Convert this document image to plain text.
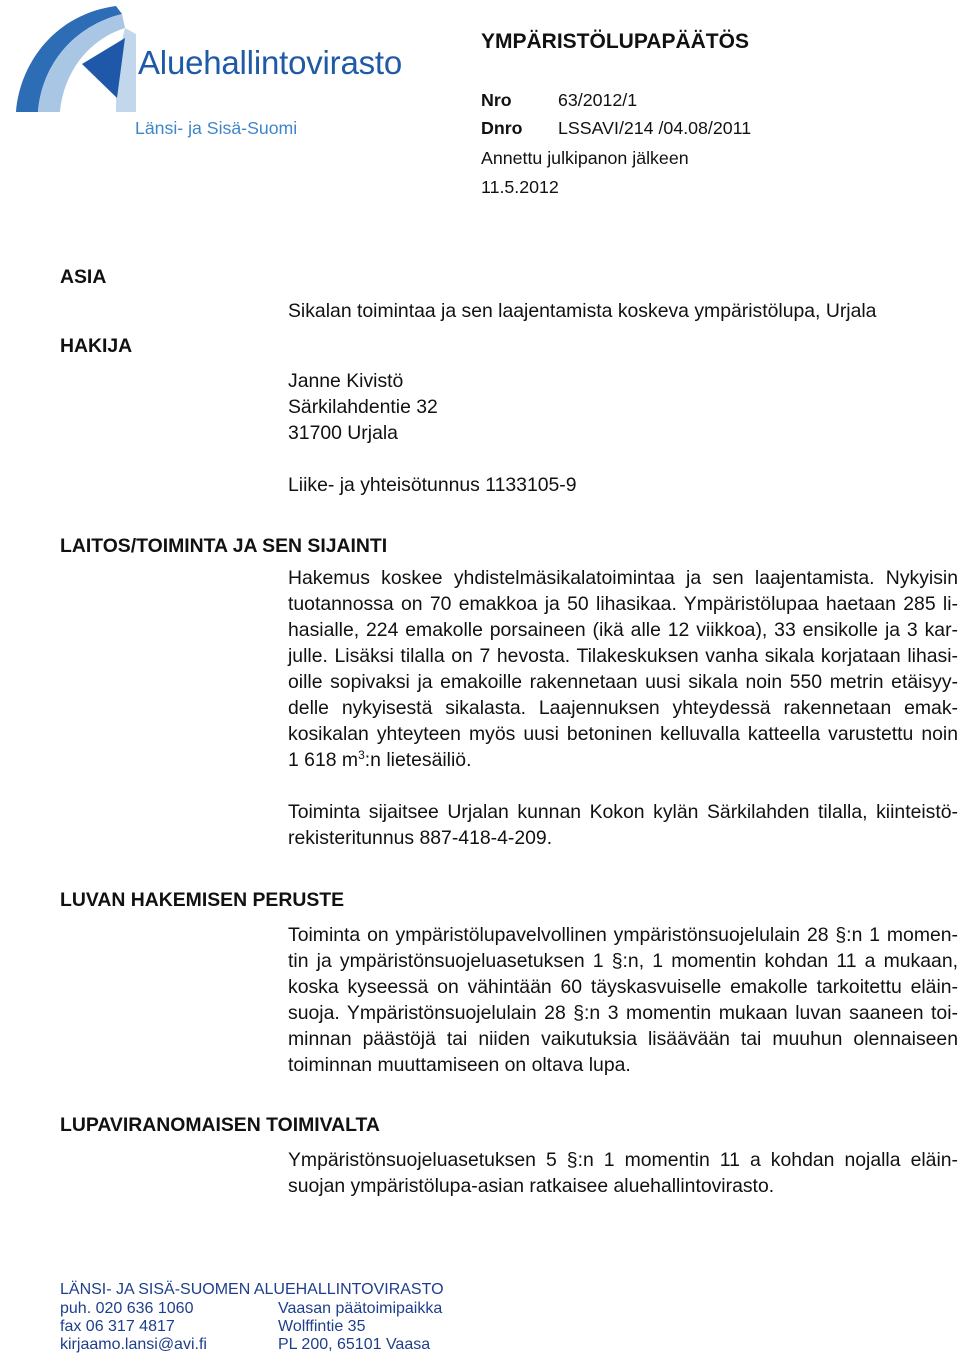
Aluehallintovirasto
Länsi- ja Sisä-Suomi
YMPÄRISTÖLUPAPÄÄTÖS
Nro	63/2012/1
Dnro LSSAVI/214 /04.08/2011
Annettu julkipanon jälkeen
11.5.2012
ASIA
Sikalan toimintaa ja sen laajentamista koskeva ympäristölupa, Urjala
HAKIJA
Janne Kivistö
Särkilahdentie 32
31700 Urjala
Liike- ja yhteisötunnus 1133105-9
LAITOS/TOIMINTA JA SEN SIJAINTI
Hakemus koskee yhdistelmäsikalatoimintaa ja sen laajentamista. Nykyisin
tuotannossa on 70 emakkoa ja 50 lihasikaa. Ympäristölupaa haetaan 285 li-
hasialle, 224 emakolle porsaineen (ikä alle 12 viikkoa), 33 ensikolle ja 3 kar-
julle. Lisäksi tilalla on 7 hevosta. Tilakeskuksen vanha sikala korjataan lihasi-
oille sopivaksi ja emakoille rakennetaan uusi sikala noin 550 metrin etäisyy-
delle nykyisestä sikalasta. Laajennuksen yhteydessä rakennetaan emak-
kosikalan yhteyteen myös uusi betoninen kelluvalla katteella varustettu noin
1 618 $m^3:n$ lietesäiliö.
Toiminta sijaitsee Urjalan kunnan Kokon kylän Särkilahden tilalla, kiinteistö-
rekisteritunnus 887-418-4-209.
LUVAN HAKEMISEN PERUSTE
Toiminta on ympäristölupavelvollinen ympäristönsuojelulain 28 §:n 1 momen-
tin ja ympäristönsuojeluasetuksen 1 §:n, 1 momentin kohdan 11 a mukaan,
koska kyseessä on vähintään 60 täyskasvuiselle emakolle tarkoitettu eläin-
suoja. Ympäristönsuojelulain 28 §:n 3 momentin mukaan luvan saaneen toi-
minnan päästöjä tai niiden vaikutuksia lisäävään tai muuhun olennaiseen
toiminnan muuttamiseen on oltava lupa.
LUPAVIRANOMAISEN TOIMIVALTA
Ympäristönsuojeluasetuksen 5 §:n 1 momentin 11 a kohdan nojalla eläin-
suojan ympäristölupa-asian ratkaisee aluehallintovirasto.
LÄNSI- JA SISÄ-SUOMEN ALUEHALLINTOVIRASTO
puh. 020 636 1060
fax 06 317 4817
kirjaamo.lansi@avi.fi
Vaasan päätoimipaikka
Wolffintie 35
PL 200, 65101 Vaasa
